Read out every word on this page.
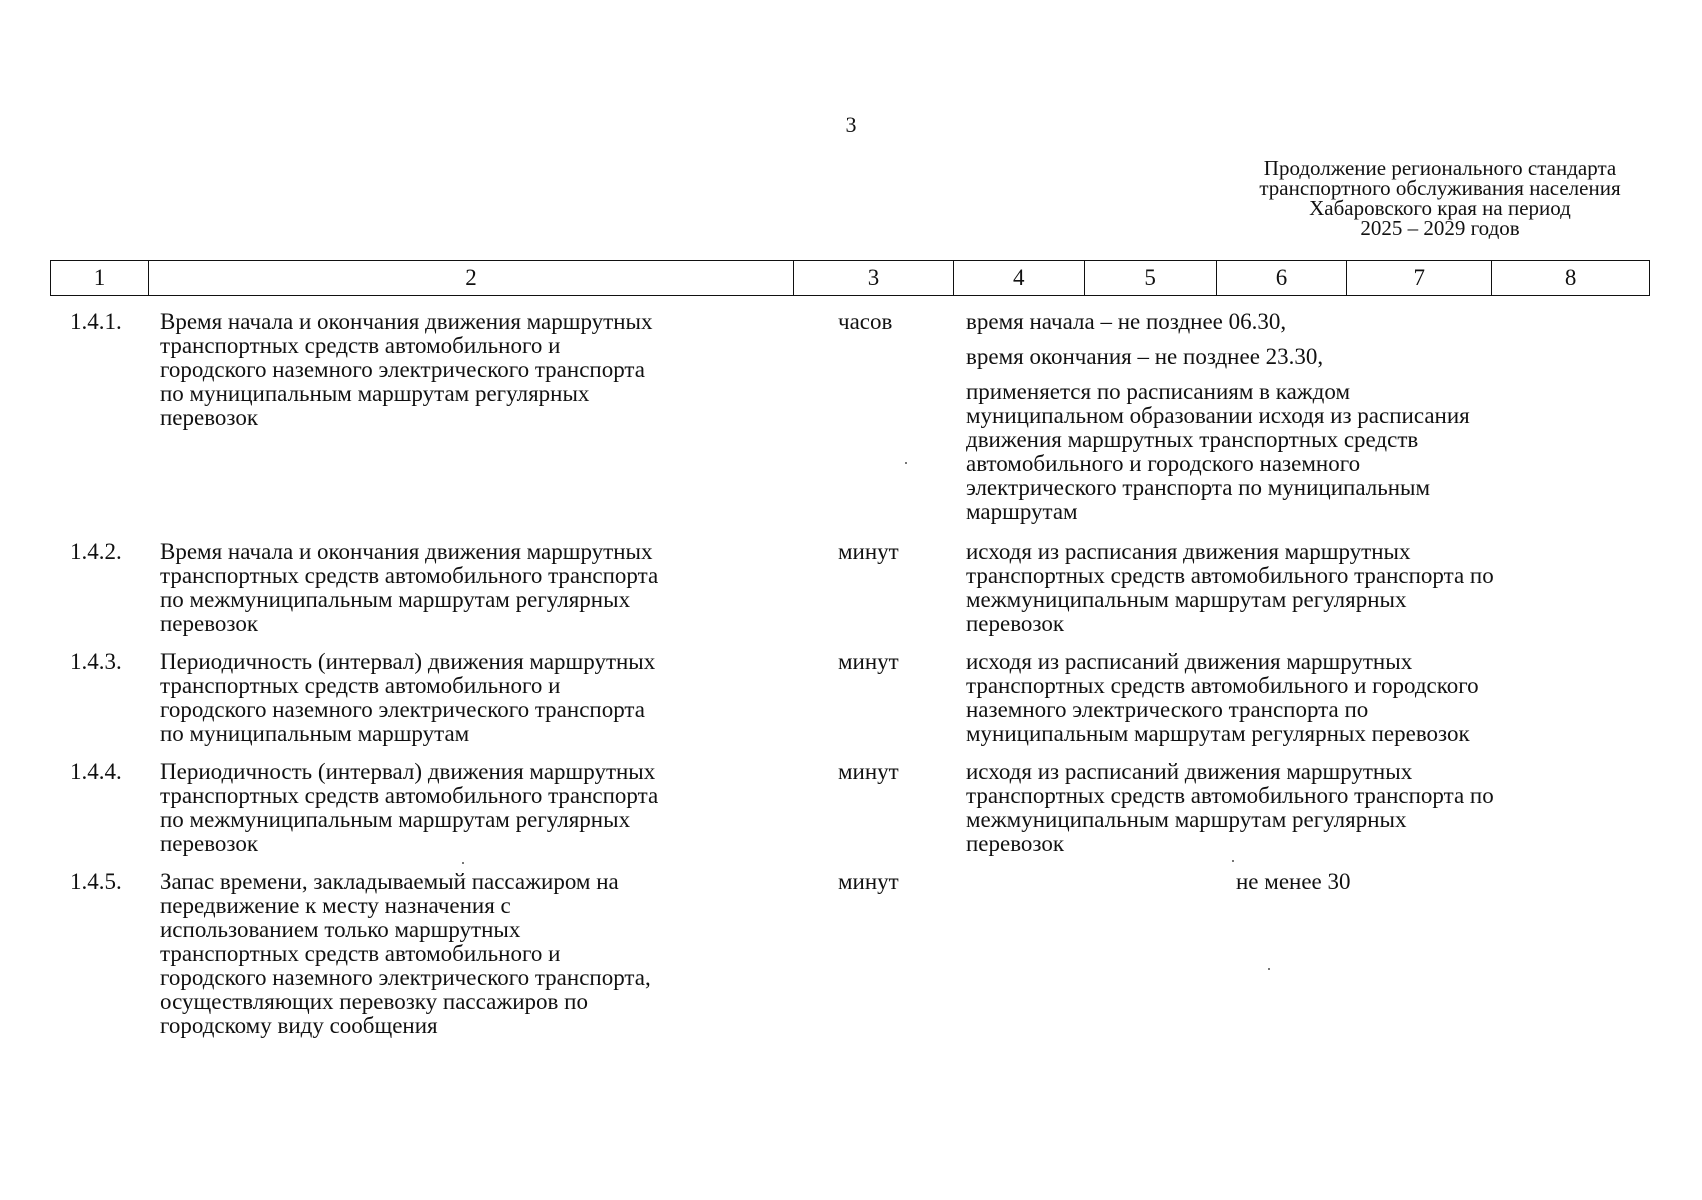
3
Продолжение регионального стандарта
транспортного обслуживания населения
Хабаровского края на период
2025 – 2029 годов
1	2	3	4	5	6	7	8
1.4.1. Время начала и окончания движения маршрутных
транспортных средств автомобильного и
городского наземного электрического транспорта
по муниципальным маршрутам регулярных
перевозок
часов	время начала – не позднее 06.30,
время окончания – не позднее 23.30,
применяется по расписаниям в каждом
муниципальном образовании исходя из расписания
движения маршрутных транспортных средств
автомобильного и городского наземного
электрического транспорта по муниципальным
маршрутам
1.4.2. Время начала и окончания движения маршрутных
транспортных средств автомобильного транспорта
по межмуниципальным маршрутам регулярных
перевозок
минут	исходя из расписания движения маршрутных
транспортных средств автомобильного транспорта по
межмуниципальным маршрутам регулярных
перевозок
1.4.3. Периодичность (интервал) движения маршрутных
транспортных средств автомобильного и
городского наземного электрического транспорта
по муниципальным маршрутам
минут	исходя из расписаний движения маршрутных
транспортных средств автомобильного и городского
наземного электрического транспорта по
муниципальным маршрутам регулярных перевозок
1.4.4. Периодичность (интервал) движения маршрутных
транспортных средств автомобильного транспорта
по межмуниципальным маршрутам регулярных
перевозок
минут	исходя из расписаний движения маршрутных
транспортных средств автомобильного транспорта по
межмуниципальным маршрутам регулярных
перевозок
1.4.5. Запас времени, закладываемый пассажиром на
передвижение к месту назначения с
использованием только маршрутных
транспортных средств автомобильного и
городского наземного электрического транспорта,
осуществляющих перевозку пассажиров по
городскому виду сообщения
минут	не менее 30
